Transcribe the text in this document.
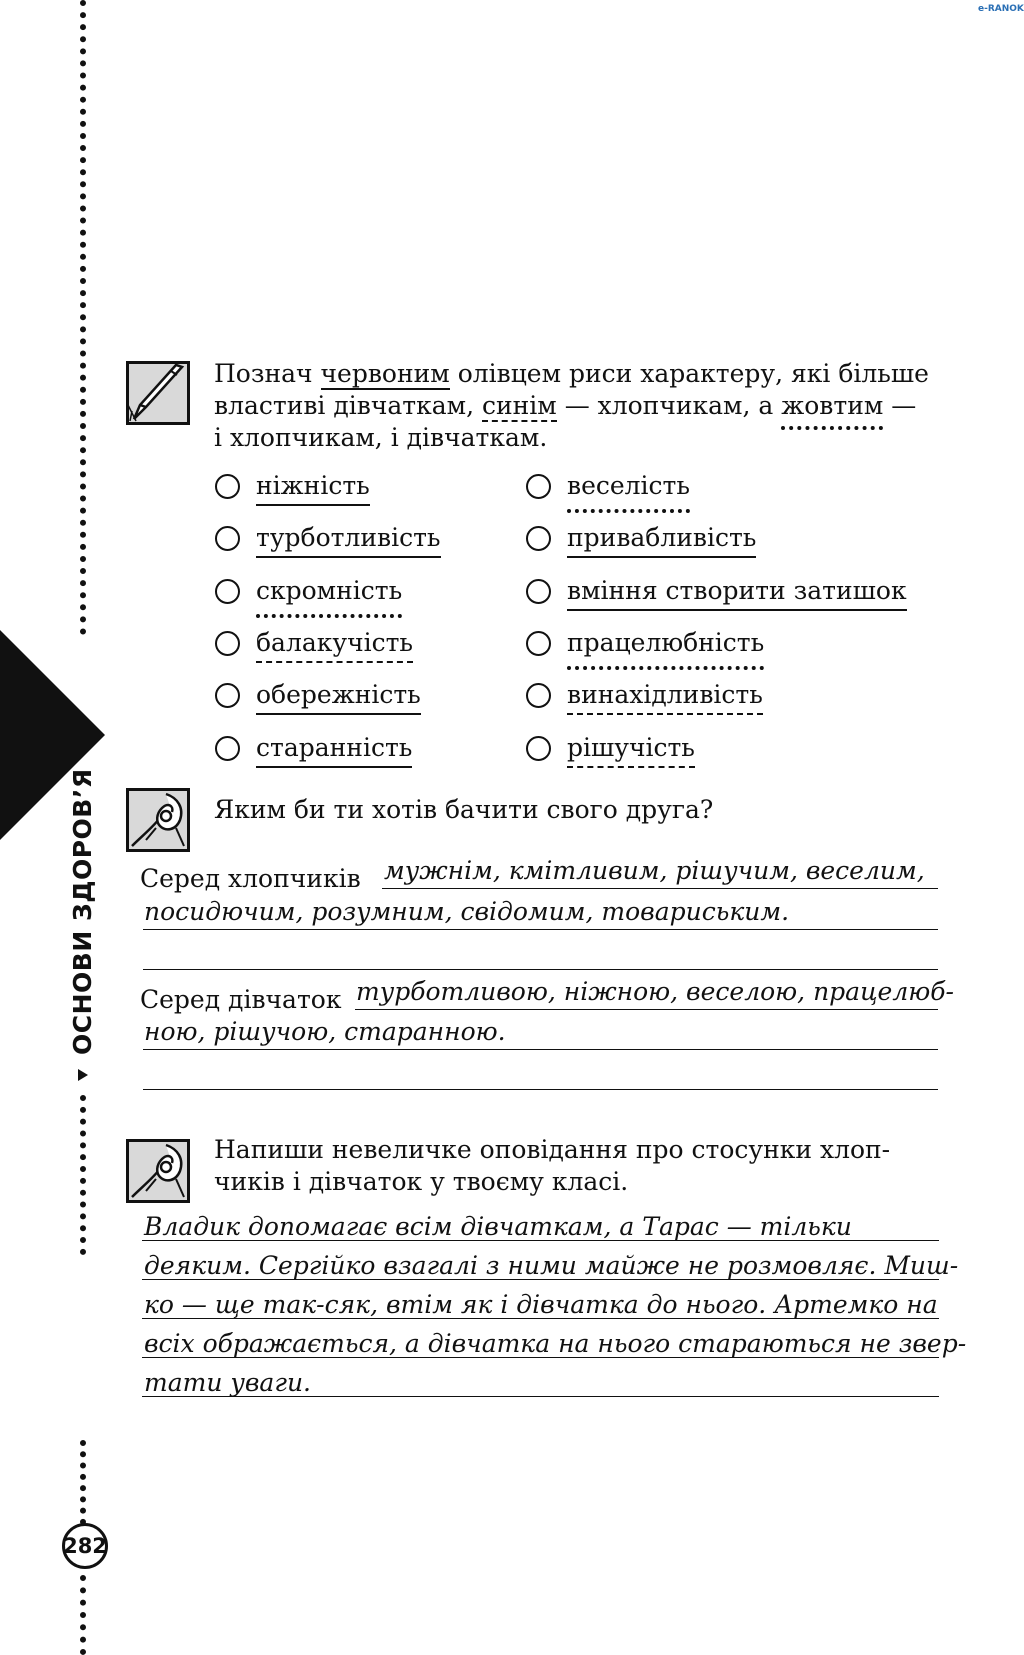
ОСНОВИ ЗДОРОВ’Я
282
e-RANOK
Познач червоним олівцем риси характеру, які більше
властиві дівчаткам, синім — хлопчикам, а жовтим —
і хлопчикам, і дівчаткам.
ніжність
турботливість
скромність
балакучість
обережність
старанність
веселість
привабливість
вміння створити затишок
працелюбність
винахідливість
рішучість
Яким би ти хотів бачити свого друга?
Серед хлопчиків мужнім, кмітливим, рішучим, веселим,
посидючим, розумним, свідомим, товариським.
Серед дівчаток турботливою, ніжною, веселою, працелюб-
ною, рішучою, старанною.
Напиши невеличке оповідання про стосунки хлоп-
чиків і дівчаток у твоєму класі.
Владик допомагає всім дівчаткам, а Тарас — тільки
деяким. Сергійко взагалі з ними майже не розмовляє. Миш-
ко — ще так-сяк, втім як і дівчатка до нього. Артемко на
всіх ображається, а дівчатка на нього стараються не звер-
тати уваги.
